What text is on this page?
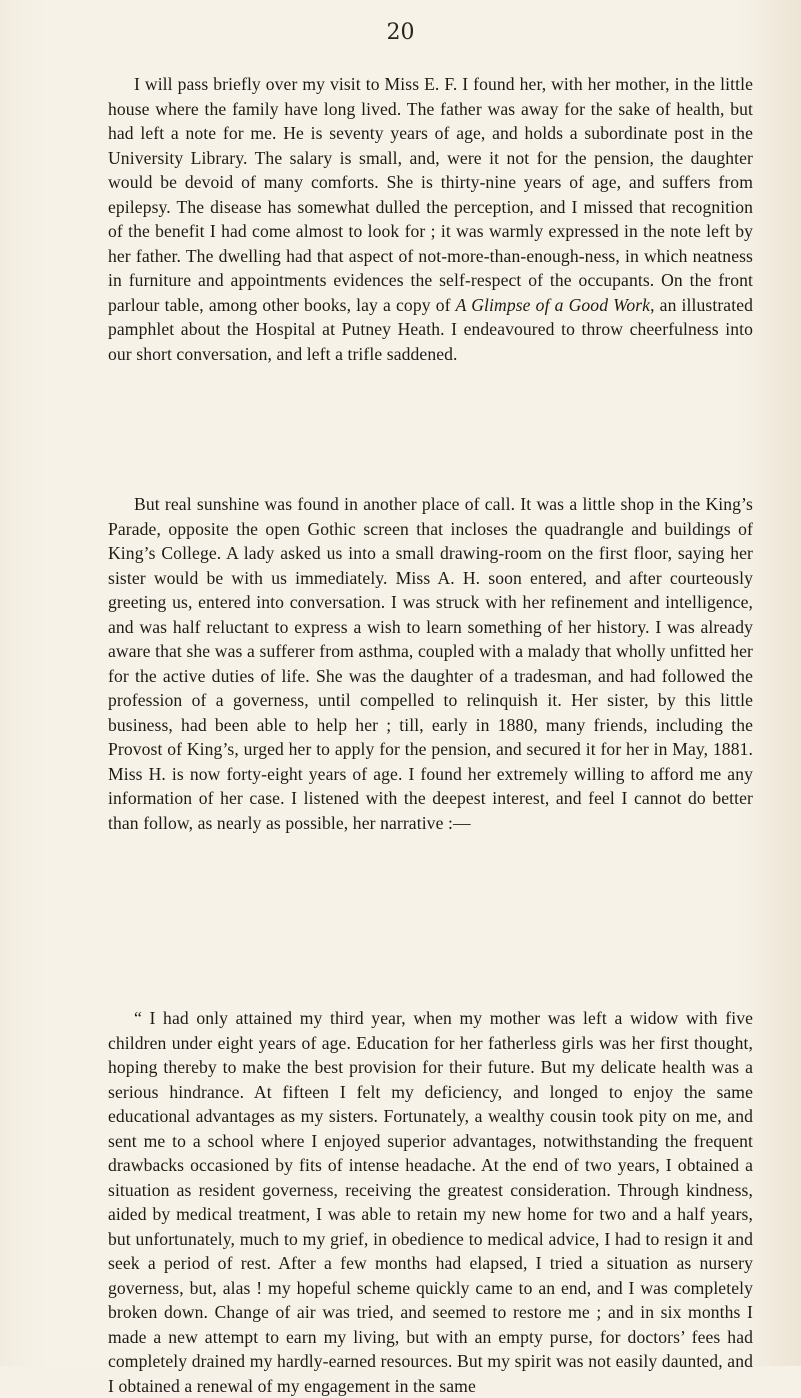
20

I will pass briefly over my visit to Miss E. F. I found her, with her mother, in the little house where the family have long lived. The father was away for the sake of health, but had left a note for me. He is seventy years of age, and holds a subordinate post in the University Library. The salary is small, and, were it not for the pension, the daughter would be devoid of many comforts. She is thirty-nine years of age, and suffers from epilepsy. The disease has somewhat dulled the perception, and I missed that recognition of the benefit I had come almost to look for ; it was warmly expressed in the note left by her father. The dwelling had that aspect of not-more-than-enough-ness, in which neatness in furniture and appointments evidences the self-respect of the occupants. On the front parlour table, among other books, lay a copy of A Glimpse of a Good Work, an illustrated pamphlet about the Hospital at Putney Heath. I endeavoured to throw cheerfulness into our short conversation, and left a trifle saddened.

But real sunshine was found in another place of call. It was a little shop in the King’s Parade, opposite the open Gothic screen that incloses the quadrangle and buildings of King’s College. A lady asked us into a small drawing-room on the first floor, saying her sister would be with us immediately. Miss A. H. soon entered, and after courteously greeting us, entered into conversation. I was struck with her refinement and intelligence, and was half reluctant to express a wish to learn something of her history. I was already aware that she was a sufferer from asthma, coupled with a malady that wholly unfitted her for the active duties of life. She was the daughter of a tradesman, and had followed the profession of a governess, until compelled to relinquish it. Her sister, by this little business, had been able to help her ; till, early in 1880, many friends, including the Provost of King’s, urged her to apply for the pension, and secured it for her in May, 1881. Miss H. is now forty-eight years of age. I found her extremely willing to afford me any information of her case. I listened with the deepest interest, and feel I cannot do better than follow, as nearly as possible, her narrative :—

“ I had only attained my third year, when my mother was left a widow with five children under eight years of age. Education for her fatherless girls was her first thought, hoping thereby to make the best provision for their future. But my delicate health was a serious hindrance. At fifteen I felt my deficiency, and longed to enjoy the same educational advantages as my sisters. Fortunately, a wealthy cousin took pity on me, and sent me to a school where I enjoyed superior advantages, notwithstanding the frequent drawbacks occasioned by fits of intense headache. At the end of two years, I obtained a situation as resident governess, receiving the greatest consideration. Through kindness, aided by medical treatment, I was able to retain my new home for two and a half years, but unfortunately, much to my grief, in obedience to medical advice, I had to resign it and seek a period of rest. After a few months had elapsed, I tried a situation as nursery governess, but, alas ! my hopeful scheme quickly came to an end, and I was completely broken down. Change of air was tried, and seemed to restore me ; and in six months I made a new attempt to earn my living, but with an empty purse, for doctors’ fees had completely drained my hardly-earned resources. But my spirit was not easily daunted, and I obtained a renewal of my engagement in the same
